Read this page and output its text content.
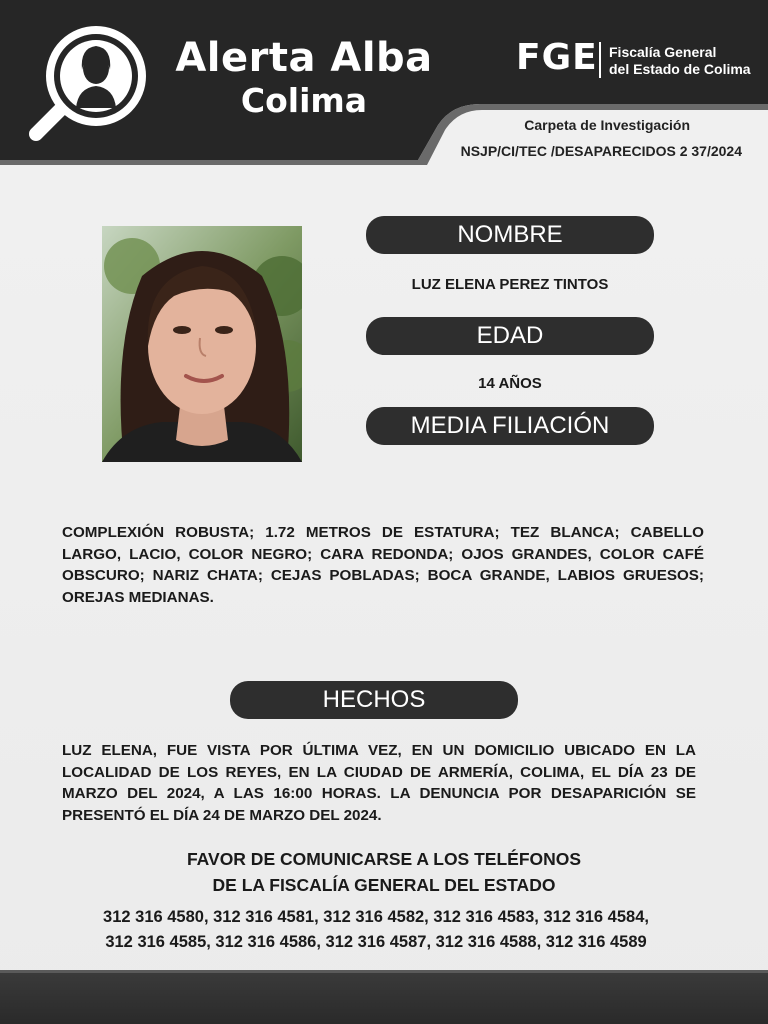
Alerta Alba
Colima
FGE Fiscalía General
del Estado de Colima
Carpeta de Investigación
NSJP/CI/TEC /DESAPARECIDOS 2 37/2024
NOMBRE
LUZ ELENA PEREZ TINTOS
EDAD
14 AÑOS
MEDIA FILIACIÓN
COMPLEXIÓN ROBUSTA; 1.72 METROS DE ESTATURA; TEZ BLANCA; CABELLO LARGO, LACIO, COLOR NEGRO; CARA REDONDA; OJOS GRANDES, COLOR CAFÉ OBSCURO; NARIZ CHATA; CEJAS POBLADAS; BOCA GRANDE, LABIOS GRUESOS; OREJAS MEDIANAS.
HECHOS
LUZ ELENA, FUE VISTA POR ÚLTIMA VEZ, EN UN DOMICILIO UBICADO EN LA LOCALIDAD DE LOS REYES, EN LA CIUDAD DE ARMERÍA, COLIMA, EL DÍA 23 DE MARZO DEL 2024, A LAS 16:00 HORAS. LA DENUNCIA POR DESAPARICIÓN SE PRESENTÓ EL DÍA 24 DE MARZO DEL 2024.
FAVOR DE COMUNICARSE A LOS TELÉFONOS
DE LA FISCALÍA GENERAL DEL ESTADO
312 316 4580, 312 316 4581, 312 316 4582, 312 316 4583, 312 316 4584,
312 316 4585, 312 316 4586, 312 316 4587, 312 316 4588, 312 316 4589
